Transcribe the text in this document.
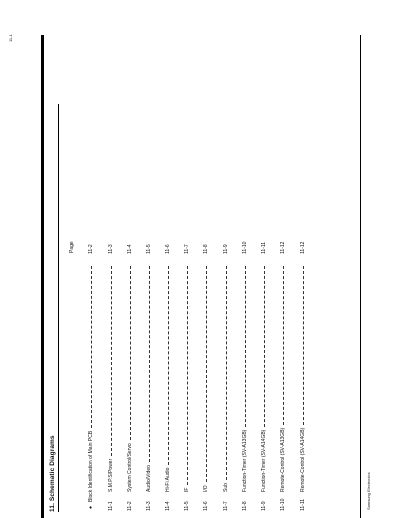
11-1
11. Schematic Diagrams
Page
●
Block Identification of Main PCB
11-2
11-1
S.M.P.S/Power
11-3
11-2
System Control/Servo
11-4
11-3
Audio/Video
11-5
11-4
Hi-Fi Audio
11-6
11-5
IF
11-7
11-6
I/O
11-8
11-7
Sub
11-9
11-8
Function-Timer (SV-A13GB)
11-10
11-9
Function-Timer (SV-A14GB)
11-11
11-10
Remote-Control (SV-A13GB)
11-12
11-11
Remote-Control (SV-A14GB)
11-12
Samsung Electronics
